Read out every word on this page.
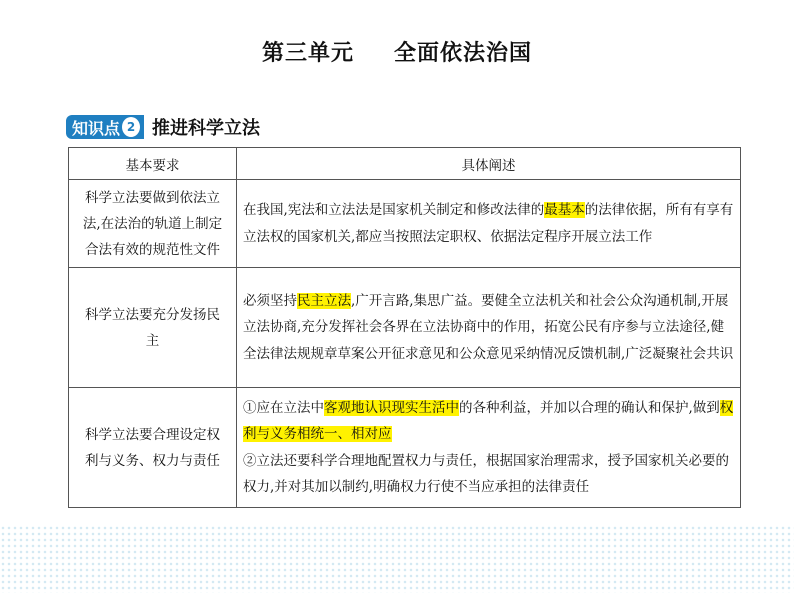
第三单元 全面依法治国
知识点 2 推进科学立法
基本要求	具体阐述
科学立法要做到依法立法,在法治的轨道上制定合法有效的规范性文件	在我国,宪法和立法法是国家机关制定和修改法律的最基本的法律依据，所有有享有立法权的国家机关,都应当按照法定职权、依据法定程序开展立法工作
科学立法要充分发扬民主	必须坚持民主立法,广开言路,集思广益。要健全立法机关和社会公众沟通机制,开展立法协商,充分发挥社会各界在立法协商中的作用，拓宽公民有序参与立法途径,健全法律法规规章草案公开征求意见和公众意见采纳情况反馈机制,广泛凝聚社会共识
科学立法要合理设定权利与义务、权力与责任	①应在立法中客观地认识现实生活中的各种利益，并加以合理的确认和保护,做到权利与义务相统一、相对应
②立法还要科学合理地配置权力与责任，根据国家治理需求，授予国家机关必要的权力,并对其加以制约,明确权力行使不当应承担的法律责任
